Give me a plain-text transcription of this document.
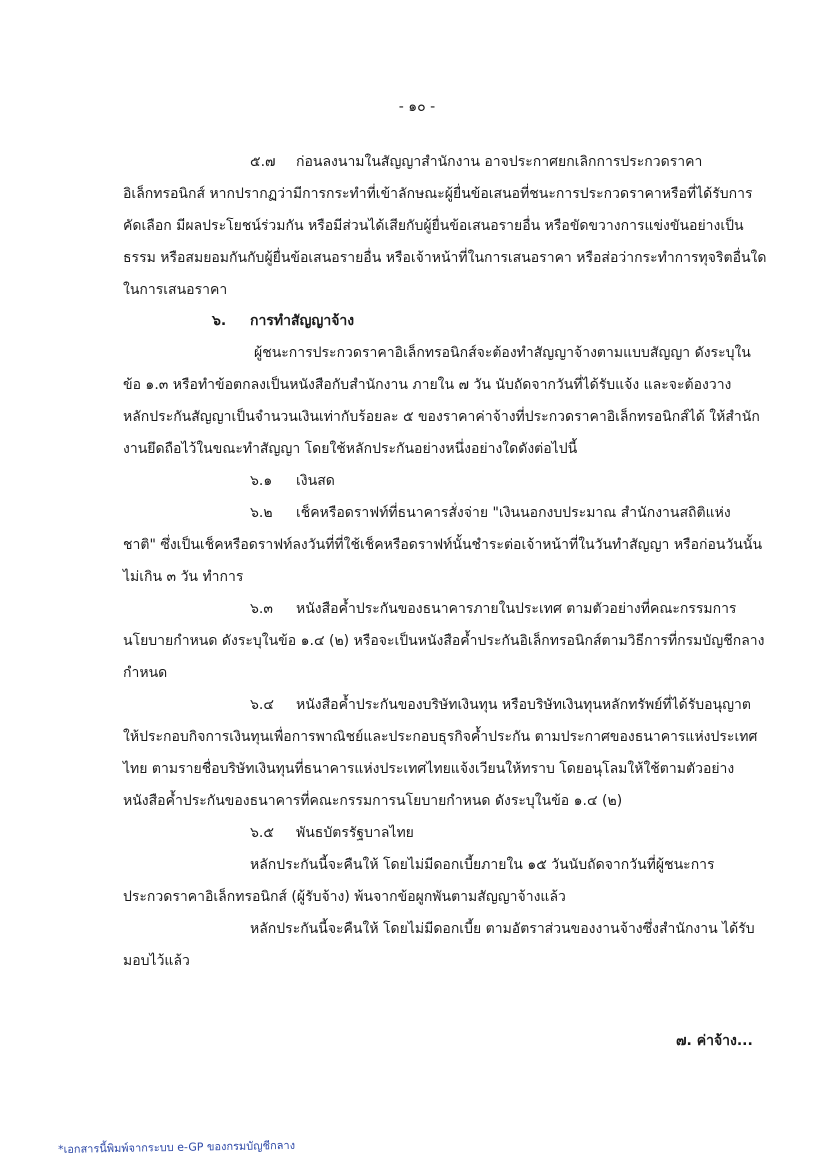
- ๑๐ -
๕.๗ ก่อนลงนามในสัญญาสำนักงาน อาจประกาศยกเลิกการประกวดราคา
อิเล็กทรอนิกส์ หากปรากฏว่ามีการกระทำที่เข้าลักษณะผู้ยื่นข้อเสนอที่ชนะการประกวดราคาหรือที่ได้รับการ
คัดเลือก มีผลประโยชน์ร่วมกัน หรือมีส่วนได้เสียกับผู้ยื่นข้อเสนอรายอื่น หรือขัดขวางการแข่งขันอย่างเป็น
ธรรม หรือสมยอมกันกับผู้ยื่นข้อเสนอรายอื่น หรือเจ้าหน้าที่ในการเสนอราคา หรือส่อว่ากระทำการทุจริตอื่นใด
ในการเสนอราคา
๖. การทำสัญญาจ้าง
ผู้ชนะการประกวดราคาอิเล็กทรอนิกส์จะต้องทำสัญญาจ้างตามแบบสัญญา ดังระบุใน
ข้อ ๑.๓ หรือทำข้อตกลงเป็นหนังสือกับสำนักงาน ภายใน ๗ วัน นับถัดจากวันที่ได้รับแจ้ง และจะต้องวาง
หลักประกันสัญญาเป็นจำนวนเงินเท่ากับร้อยละ ๕ ของราคาค่าจ้างที่ประกวดราคาอิเล็กทรอนิกส์ได้ ให้สำนัก
งานยึดถือไว้ในขณะทำสัญญา โดยใช้หลักประกันอย่างหนึ่งอย่างใดดังต่อไปนี้
๖.๑ เงินสด
๖.๒ เช็คหรือดราฟท์ที่ธนาคารสั่งจ่าย "เงินนอกงบประมาณ สำนักงานสถิติแห่ง
ชาติ" ซึ่งเป็นเช็คหรือดราฟท์ลงวันที่ที่ใช้เช็คหรือดราฟท์นั้นชำระต่อเจ้าหน้าที่ในวันทำสัญญา หรือก่อนวันนั้น
ไม่เกิน ๓ วัน ทำการ
๖.๓ หนังสือค้ำประกันของธนาคารภายในประเทศ ตามตัวอย่างที่คณะกรรมการ
นโยบายกำหนด ดังระบุในข้อ ๑.๔ (๒) หรือจะเป็นหนังสือค้ำประกันอิเล็กทรอนิกส์ตามวิธีการที่กรมบัญชีกลาง
กำหนด
๖.๔ หนังสือค้ำประกันของบริษัทเงินทุน หรือบริษัทเงินทุนหลักทรัพย์ที่ได้รับอนุญาต
ให้ประกอบกิจการเงินทุนเพื่อการพาณิชย์และประกอบธุรกิจค้ำประกัน ตามประกาศของธนาคารแห่งประเทศ
ไทย ตามรายชื่อบริษัทเงินทุนที่ธนาคารแห่งประเทศไทยแจ้งเวียนให้ทราบ โดยอนุโลมให้ใช้ตามตัวอย่าง
หนังสือค้ำประกันของธนาคารที่คณะกรรมการนโยบายกำหนด ดังระบุในข้อ ๑.๔ (๒)
๖.๕ พันธบัตรรัฐบาลไทย
หลักประกันนี้จะคืนให้ โดยไม่มีดอกเบี้ยภายใน ๑๕ วันนับถัดจากวันที่ผู้ชนะการ
ประกวดราคาอิเล็กทรอนิกส์ (ผู้รับจ้าง) พ้นจากข้อผูกพันตามสัญญาจ้างแล้ว
หลักประกันนี้จะคืนให้ โดยไม่มีดอกเบี้ย ตามอัตราส่วนของงานจ้างซึ่งสำนักงาน ได้รับ
มอบไว้แล้ว
๗. ค่าจ้าง...
*เอกสารนี้พิมพ์จากระบบ e-GP ของกรมบัญชีกลาง
